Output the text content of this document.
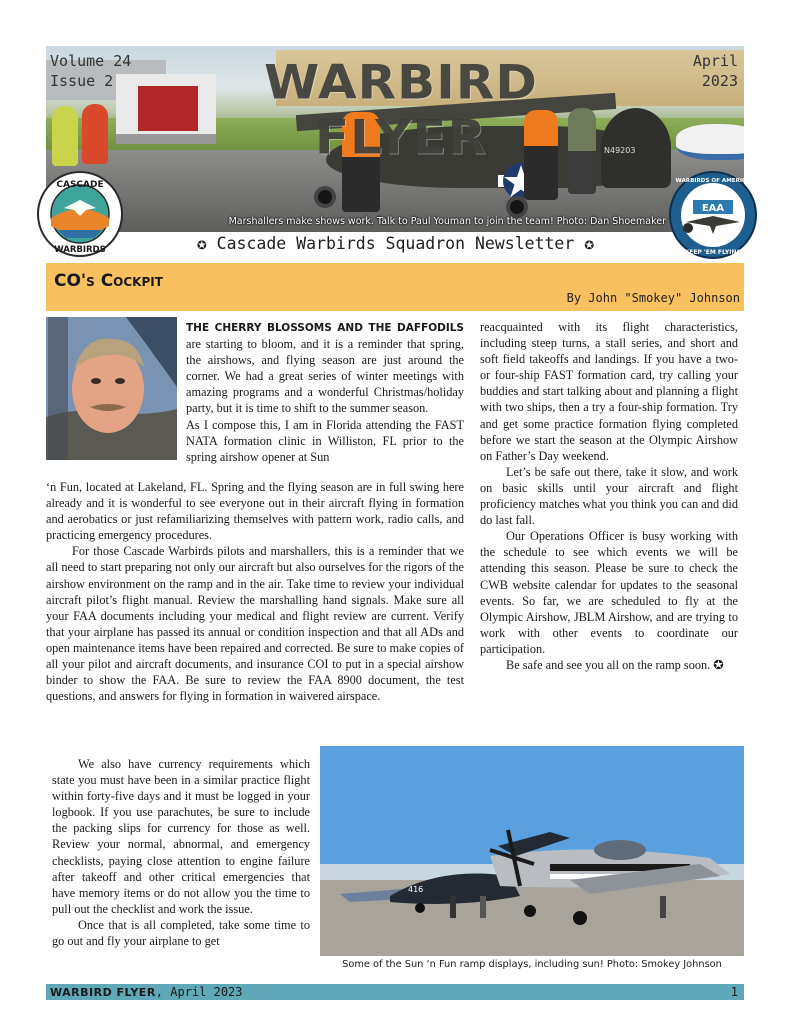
N49203
WARBIRD FLYER
Volume 24
Issue 2
April
2023
Marshallers make shows work. Talk to Paul Youman to join the team! Photo: Dan Shoemaker
CASCADE
WARBIRDS
EAA
WARBIRDS OF AMERICA
KEEP 'EM FLYING
✪ Cascade Warbirds Squadron Newsletter ✪
CO's Cockpit
By John "Smokey" Johnson

THE CHERRY BLOSSOMS AND THE DAFFODILS are starting to bloom, and it is a reminder that spring, the airshows, and flying season are just around the corner. We had a great series of winter meetings with amazing programs and a wonderful Christmas/holiday party, but it is time to shift to the summer season.

As I compose this, I am in Florida attending the FAST NATA formation clinic in Williston, FL prior to the spring airshow opener at Sun

‘n Fun, located at Lakeland, FL. Spring and the flying season are in full swing here already and it is wonderful to see everyone out in their aircraft flying in formation and aerobatics or just refamiliarizing themselves with pattern work, radio calls, and practicing emergency procedures.

For those Cascade Warbirds pilots and marshallers, this is a reminder that we all need to start preparing not only our aircraft but also ourselves for the rigors of the airshow environment on the ramp and in the air. Take time to review your individual aircraft pilot’s flight manual. Review the marshalling hand signals. Make sure all your FAA documents including your medical and flight review are current. Verify that your airplane has passed its annual or condition inspection and that all ADs and open maintenance items have been repaired and corrected. Be sure to make copies of all your pilot and aircraft documents, and insurance COI to put in a special airshow binder to show the FAA. Be sure to review the FAA 8900 document, the test questions, and answers for flying in formation in waivered airspace.

We also have currency requirements which state you must have been in a similar practice flight within forty-five days and it must be logged in your logbook. If you use parachutes, be sure to include the packing slips for currency for those as well. Review your normal, abnormal, and emergency checklists, paying close attention to engine failure after takeoff and other critical emergencies that have memory items or do not allow you the time to pull out the checklist and work the issue.

Once that is all completed, take some time to go out and fly your airplane to get

reacquainted with its flight characteristics, including steep turns, a stall series, and short and soft field takeoffs and landings. If you have a two- or four-ship FAST formation card, try calling your buddies and start talking about and planning a flight with two ships, then a try a four-ship formation. Try and get some practice formation flying completed before we start the season at the Olympic Airshow on Father’s Day weekend.

Let’s be safe out there, take it slow, and work on basic skills until your aircraft and flight proficiency matches what you think you can and did do last fall.

Our Operations Officer is busy working with the schedule to see which events we will be attending this season. Please be sure to check the CWB website calendar for updates to the seasonal events. So far, we are scheduled to fly at the Olympic Airshow, JBLM Airshow, and are trying to work with other events to coordinate our participation.

Be safe and see you all on the ramp soon. ✪

416
Some of the Sun ‘n Fun ramp displays, including sun! Photo: Smokey Johnson
WARBIRD FLYER, April 2023	1
